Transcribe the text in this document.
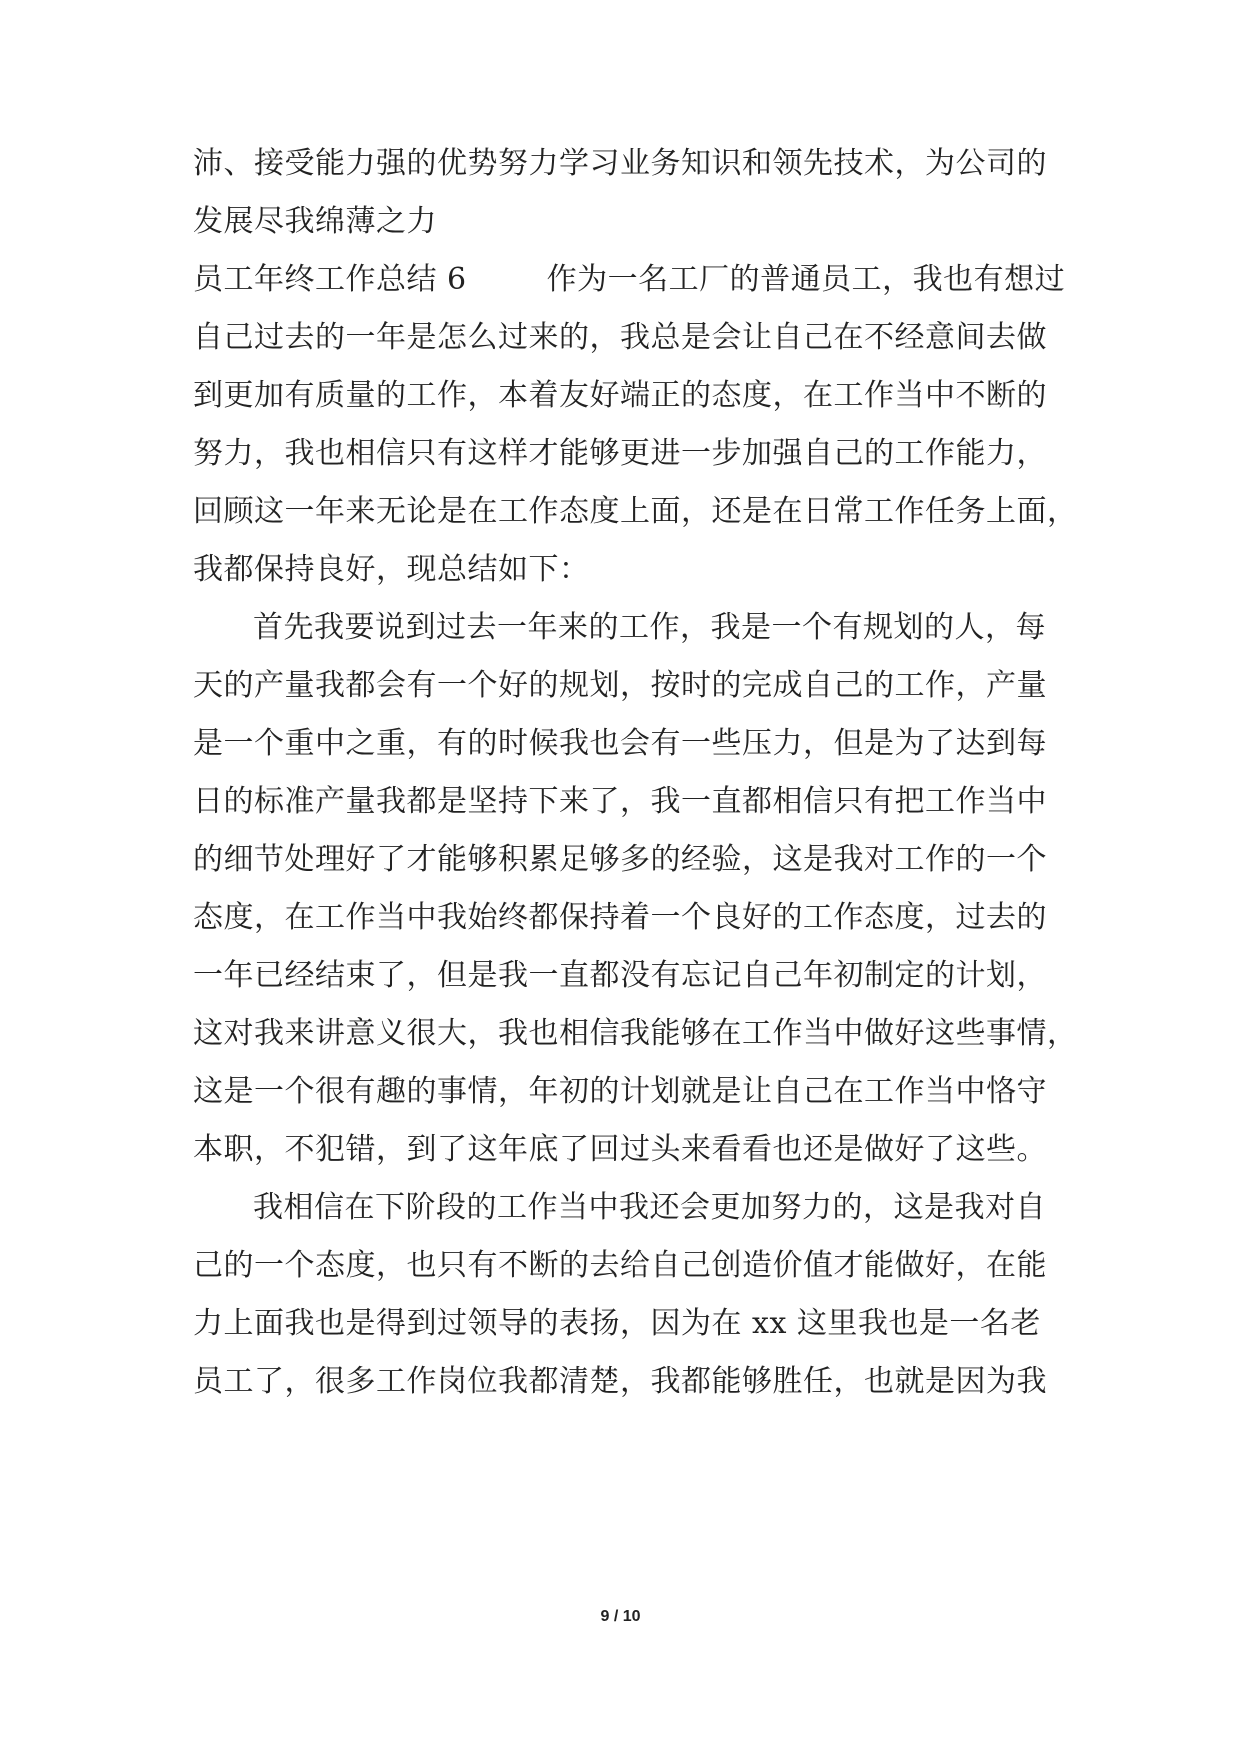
沛、接受能力强的优势努力学习业务知识和领先技术，为公司的
发展尽我绵薄之力
员工年终工作总结 6	作为一名工厂的普通员工，我也有想过
自己过去的一年是怎么过来的，我总是会让自己在不经意间去做
到更加有质量的工作，本着友好端正的态度，在工作当中不断的
努力，我也相信只有这样才能够更进一步加强自己的工作能力，
回顾这一年来无论是在工作态度上面，还是在日常工作任务上面，
我都保持良好，现总结如下：
首先我要说到过去一年来的工作，我是一个有规划的人，每
天的产量我都会有一个好的规划，按时的完成自己的工作，产量
是一个重中之重，有的时候我也会有一些压力，但是为了达到每
日的标准产量我都是坚持下来了，我一直都相信只有把工作当中
的细节处理好了才能够积累足够多的经验，这是我对工作的一个
态度，在工作当中我始终都保持着一个良好的工作态度，过去的
一年已经结束了，但是我一直都没有忘记自己年初制定的计划，
这对我来讲意义很大，我也相信我能够在工作当中做好这些事情，
这是一个很有趣的事情，年初的计划就是让自己在工作当中恪守
本职，不犯错，到了这年底了回过头来看看也还是做好了这些。
我相信在下阶段的工作当中我还会更加努力的，这是我对自
己的一个态度，也只有不断的去给自己创造价值才能做好，在能
力上面我也是得到过领导的表扬，因为在 xx 这里我也是一名老
员工了，很多工作岗位我都清楚，我都能够胜任，也就是因为我
9 / 10
